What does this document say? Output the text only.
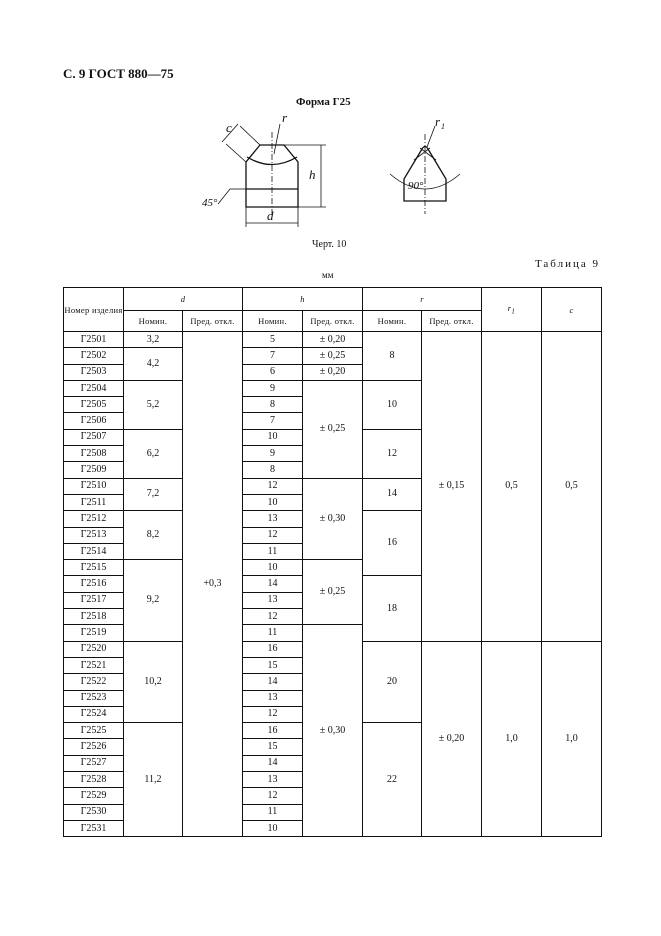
С. 9 ГОСТ 880—75
Форма Г25
c
r
h
d
45°
r 1
90°
Черт. 10
Таблица 9
мм
Номер изделия	d		h		r		$r_1$	c
	Номин.	Пред. откл.	Номин.	Пред. откл.	Номин.	Пред. откл.		
Г2501	3,2	+0,3	5	± 0,20	8	± 0,15	0,5	0,5
Г2502	4,2		7	± 0,25				
Г2503			6	± 0,20				
Г2504	5,2		9	± 0,25	10			
Г2505			8					
Г2506			7					
Г2507	6,2		10		12			
Г2508			9					
Г2509			8					
Г2510	7,2		12	± 0,30	14			
Г2511			10					
Г2512	8,2		13		16			
Г2513			12					
Г2514			11					
Г2515	9,2		10	± 0,25				
Г2516			14		18			
Г2517			13					
Г2518			12					
Г2519			11	± 0,30				
Г2520	10,2		16		20	± 0,20	1,0	1,0
Г2521			15					
Г2522			14					
Г2523			13					
Г2524			12					
Г2525	11,2		16		22			
Г2526			15					
Г2527			14					
Г2528			13					
Г2529			12					
Г2530			11					
Г2531			10					
